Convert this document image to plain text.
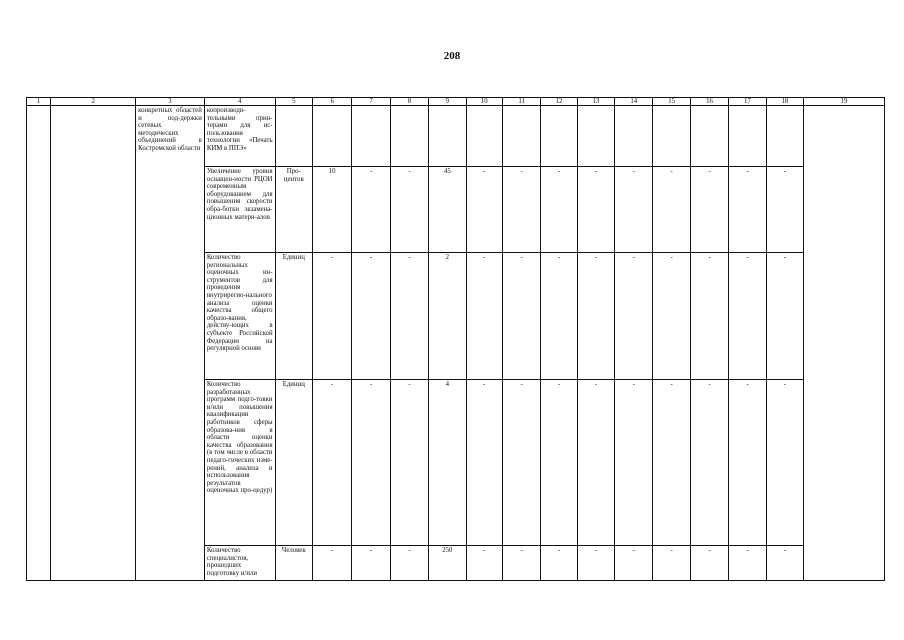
208
1	2	3	4	5	6	7	8	9	10	11	12	13	14	15	16	17	18	19
		конкретных областей и под-держки сетевых методических объединений в Костромской области	копроизводи-тельными прин-терами для ис-пользования технологии «Печать КИМ в ППЭ»															
			Увеличение уровня оснащен-ности РЦОИ современным оборудованием для повышения скорости обра-ботки экзамена-ционных матери-алов	Про-центов	10	-	-	45	-	-	-	-	-	-	-	-	-	
			Количество региональных оценочных ин-струментов для проведения внутрирегио-нального анализа оценки качества общего образо-вания, действу-ющих в субъекте Российской Федерации на регулярной основе	Единиц	-	-	-	2	-	-	-	-	-	-	-	-	-	
			Количество разработанных программ подго-товки и/или повышения квалификации работников сферы образова-ния в области оценки качества образования (в том числе в области педаго-гических изме-рений, анализа и использования результатов оценочных про-цедур)	Единиц	-	-	-	4	-	-	-	-	-	-	-	-	-	
			Количество специалистов, прошедших подготовку и/или	Человек	-	-	-	250	-	-	-	-	-	-	-	-	-	
